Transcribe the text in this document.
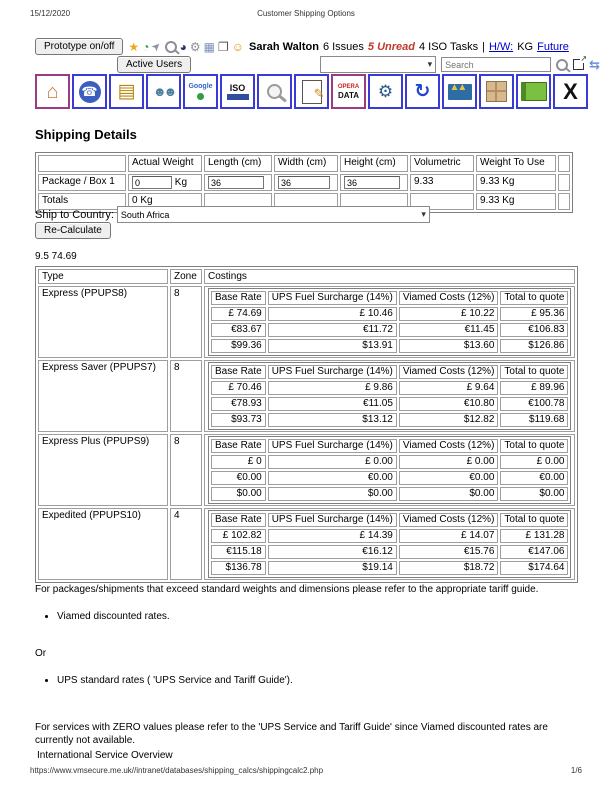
15/12/2020	Customer Shipping Options
Prototype on/off	★ ◔ ➤ ◕ ⚙ ▦ ❐ ☺ Sarah Walton 6 Issues 5 Unread 4 ISO Tasks | H/W: KG Future
Active Users	▾
Search ↗	⇆
⌂ ☎ ▤ ☻☻ Google ISO	✎ OPERA
DATA ⚙ ↻ ▲▲	X
Shipping Details
	Actual Weight	Length (cm)	Width (cm)	Height (cm)	Volumetric	Weight To Use	
Package / Box 1	0Kg	36	36	36	9.33	9.33 Kg	
Totals	0 Kg					9.33 Kg	
Ship to Country: South Africa	▾
Re-Calculate
9.5 74.69
Type	Zone	Costings
Express (PPUPS8)	8		Base Rate	UPS Fuel Surcharge (14%)	Viamed Costs (12%)	Total to quote
£ 74.69	£ 10.46	£ 10.22	£ 95.36
€83.67	€11.72	€11.45	€106.83
$99.36	$13.91	$13.60	$126.86

Express Saver (PPUPS7)	8		Base Rate	UPS Fuel Surcharge (14%)	Viamed Costs (12%)	Total to quote
£ 70.46	£ 9.86	£ 9.64	£ 89.96
€78.93	€11.05	€10.80	€100.78
$93.73	$13.12	$12.82	$119.68

Express Plus (PPUPS9)	8		Base Rate	UPS Fuel Surcharge (14%)	Viamed Costs (12%)	Total to quote
£ 0	£ 0.00	£ 0.00	£ 0.00
€0.00	€0.00	€0.00	€0.00
$0.00	$0.00	$0.00	$0.00

Expedited (PPUPS10)	4		Base Rate	UPS Fuel Surcharge (14%)	Viamed Costs (12%)	Total to quote
£ 102.82	£ 14.39	£ 14.07	£ 131.28
€115.18	€16.12	€15.76	€147.06
$136.78	$19.14	$18.72	$174.64
For packages/shipments that exceed standard weights and dimensions please refer to the appropriate tariff guide.
• Viamed discounted rates.
Or
• UPS standard rates ( 'UPS Service and Tariff Guide').
For services with ZERO values please refer to the 'UPS Service and Tariff Guide' since Viamed discounted rates are currently not available.
International Service Overview
https://www.vmsecure.me.uk//intranet/databases/shipping_calcs/shippingcalc2.php	1/6
